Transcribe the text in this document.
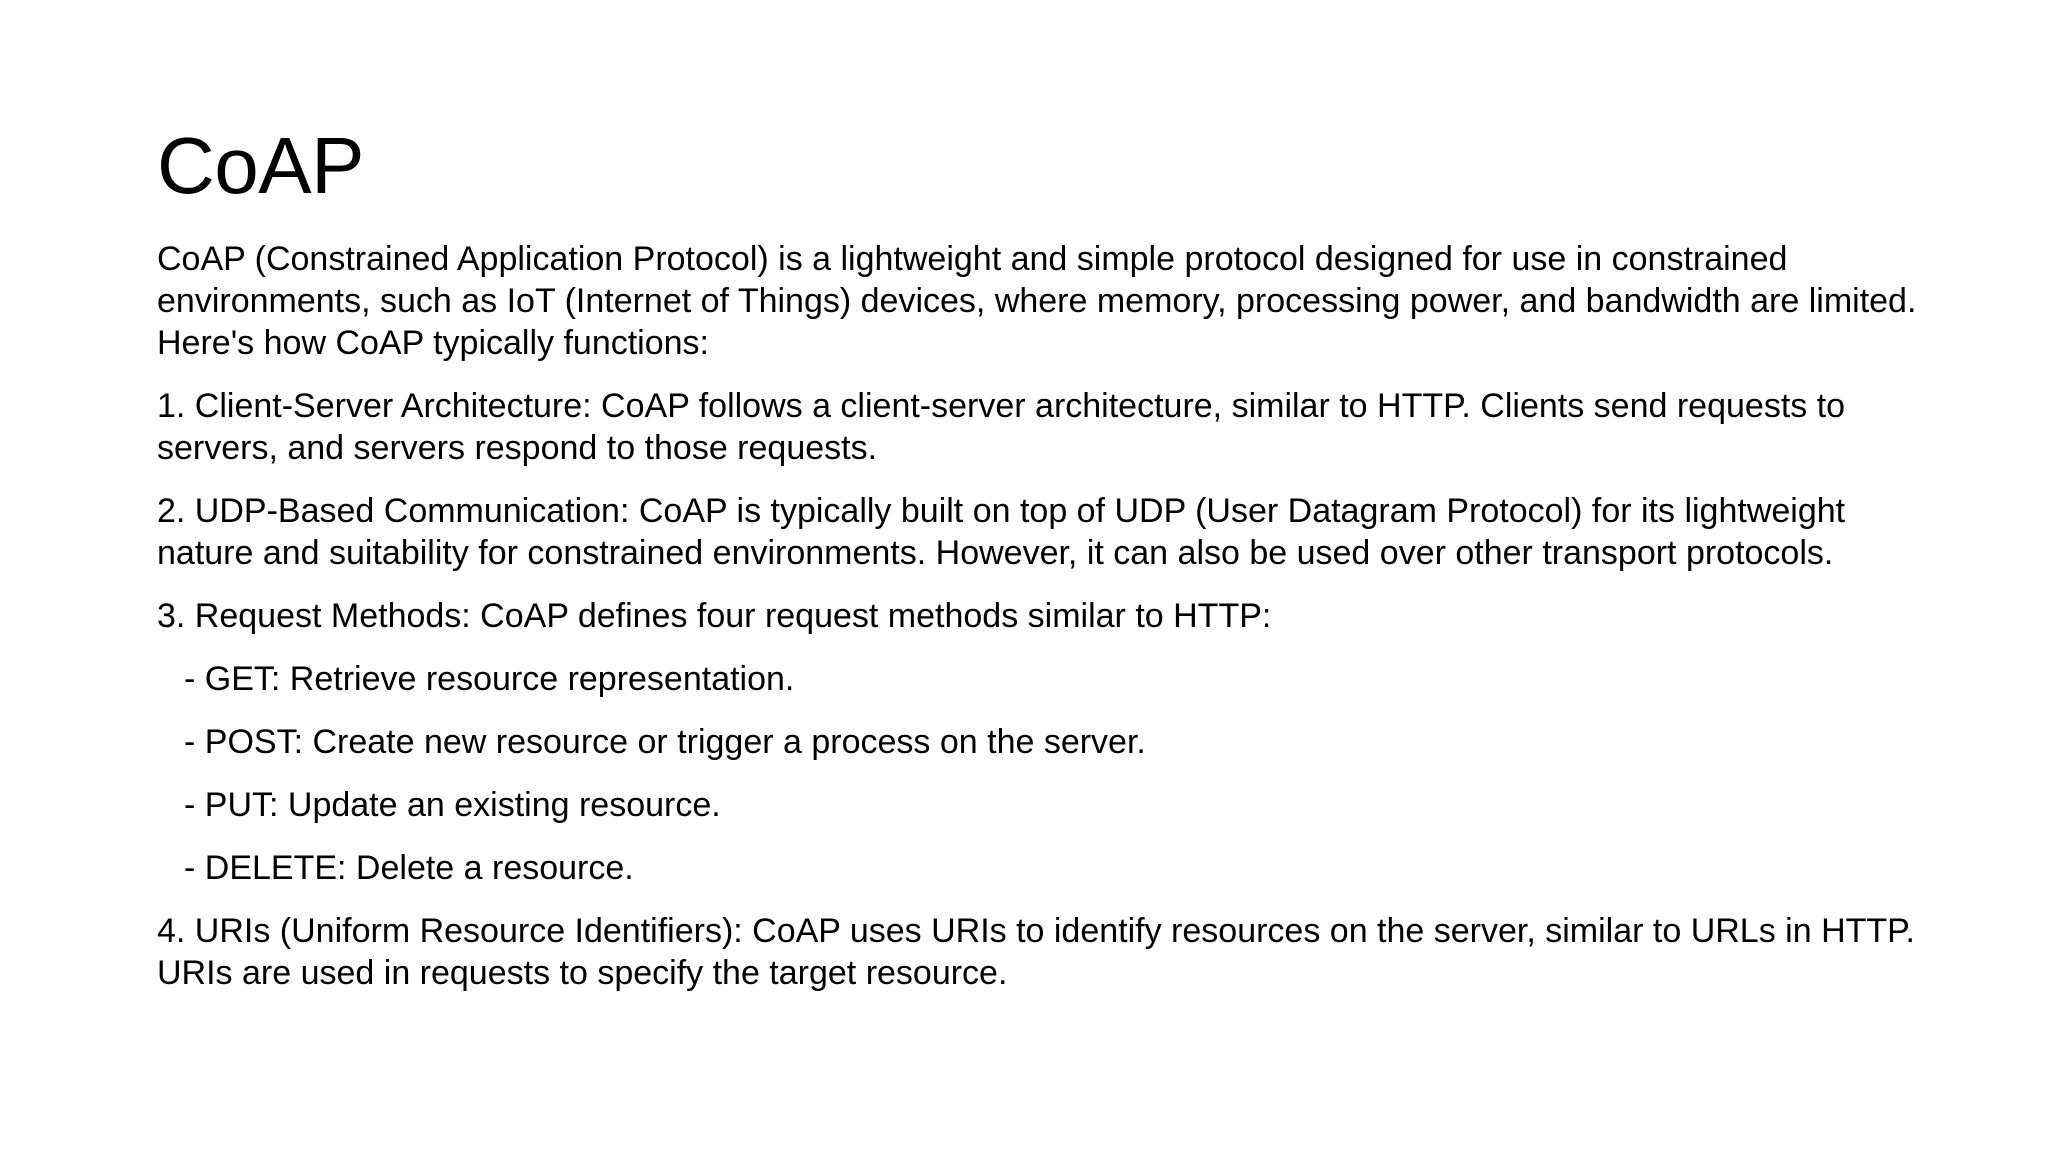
CoAP

CoAP (Constrained Application Protocol) is a lightweight and simple protocol designed for use in constrained environments, such as IoT (Internet of Things) devices, where memory, processing power, and bandwidth are limited. Here's how CoAP typically functions:

1. Client-Server Architecture: CoAP follows a client-server architecture, similar to HTTP. Clients send requests to servers, and servers respond to those requests.

2. UDP-Based Communication: CoAP is typically built on top of UDP (User Datagram Protocol) for its lightweight nature and suitability for constrained environments. However, it can also be used over other transport protocols.

3. Request Methods: CoAP defines four request methods similar to HTTP:

- GET: Retrieve resource representation.

- POST: Create new resource or trigger a process on the server.

- PUT: Update an existing resource.

- DELETE: Delete a resource.

4. URIs (Uniform Resource Identifiers): CoAP uses URIs to identify resources on the server, similar to URLs in HTTP. URIs are used in requests to specify the target resource.
